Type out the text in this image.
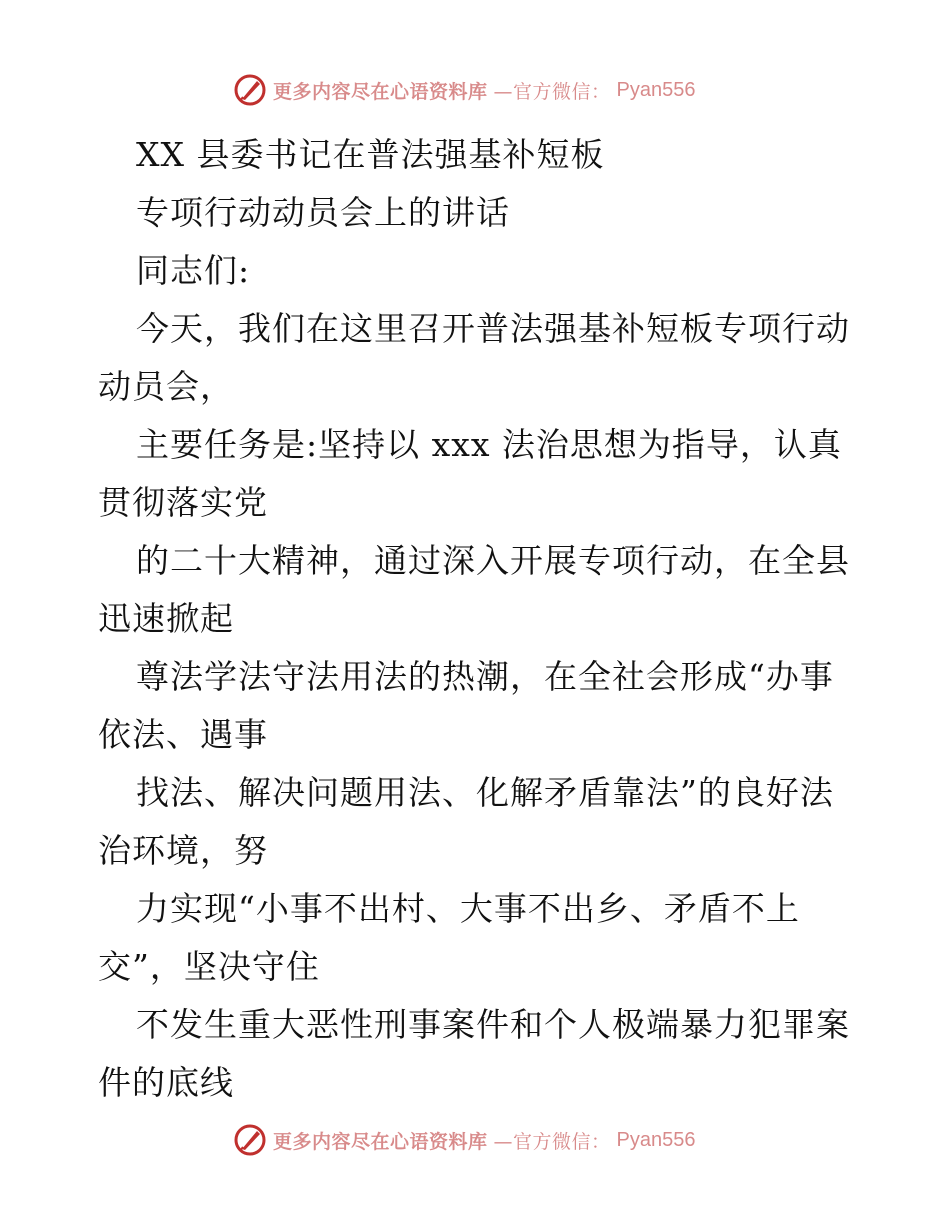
更多内容尽在心语资料库 —官方微信： Pyan556
XX 县委书记在普法强基补短板
专项行动动员会上的讲话
同志们:
今天，我们在这里召开普法强基补短板专项行动
动员会，
主要任务是:坚持以 xxx 法治思想为指导，认真
贯彻落实党
的二十大精神，通过深入开展专项行动，在全县
迅速掀起
尊法学法守法用法的热潮，在全社会形成“办事
依法、遇事
找法、解决问题用法、化解矛盾靠法”的良好法
治环境，努
力实现“小事不出村、大事不出乡、矛盾不上
交”，坚决守住
不发生重大恶性刑事案件和个人极端暴力犯罪案
件的底线
更多内容尽在心语资料库 —官方微信： Pyan556
